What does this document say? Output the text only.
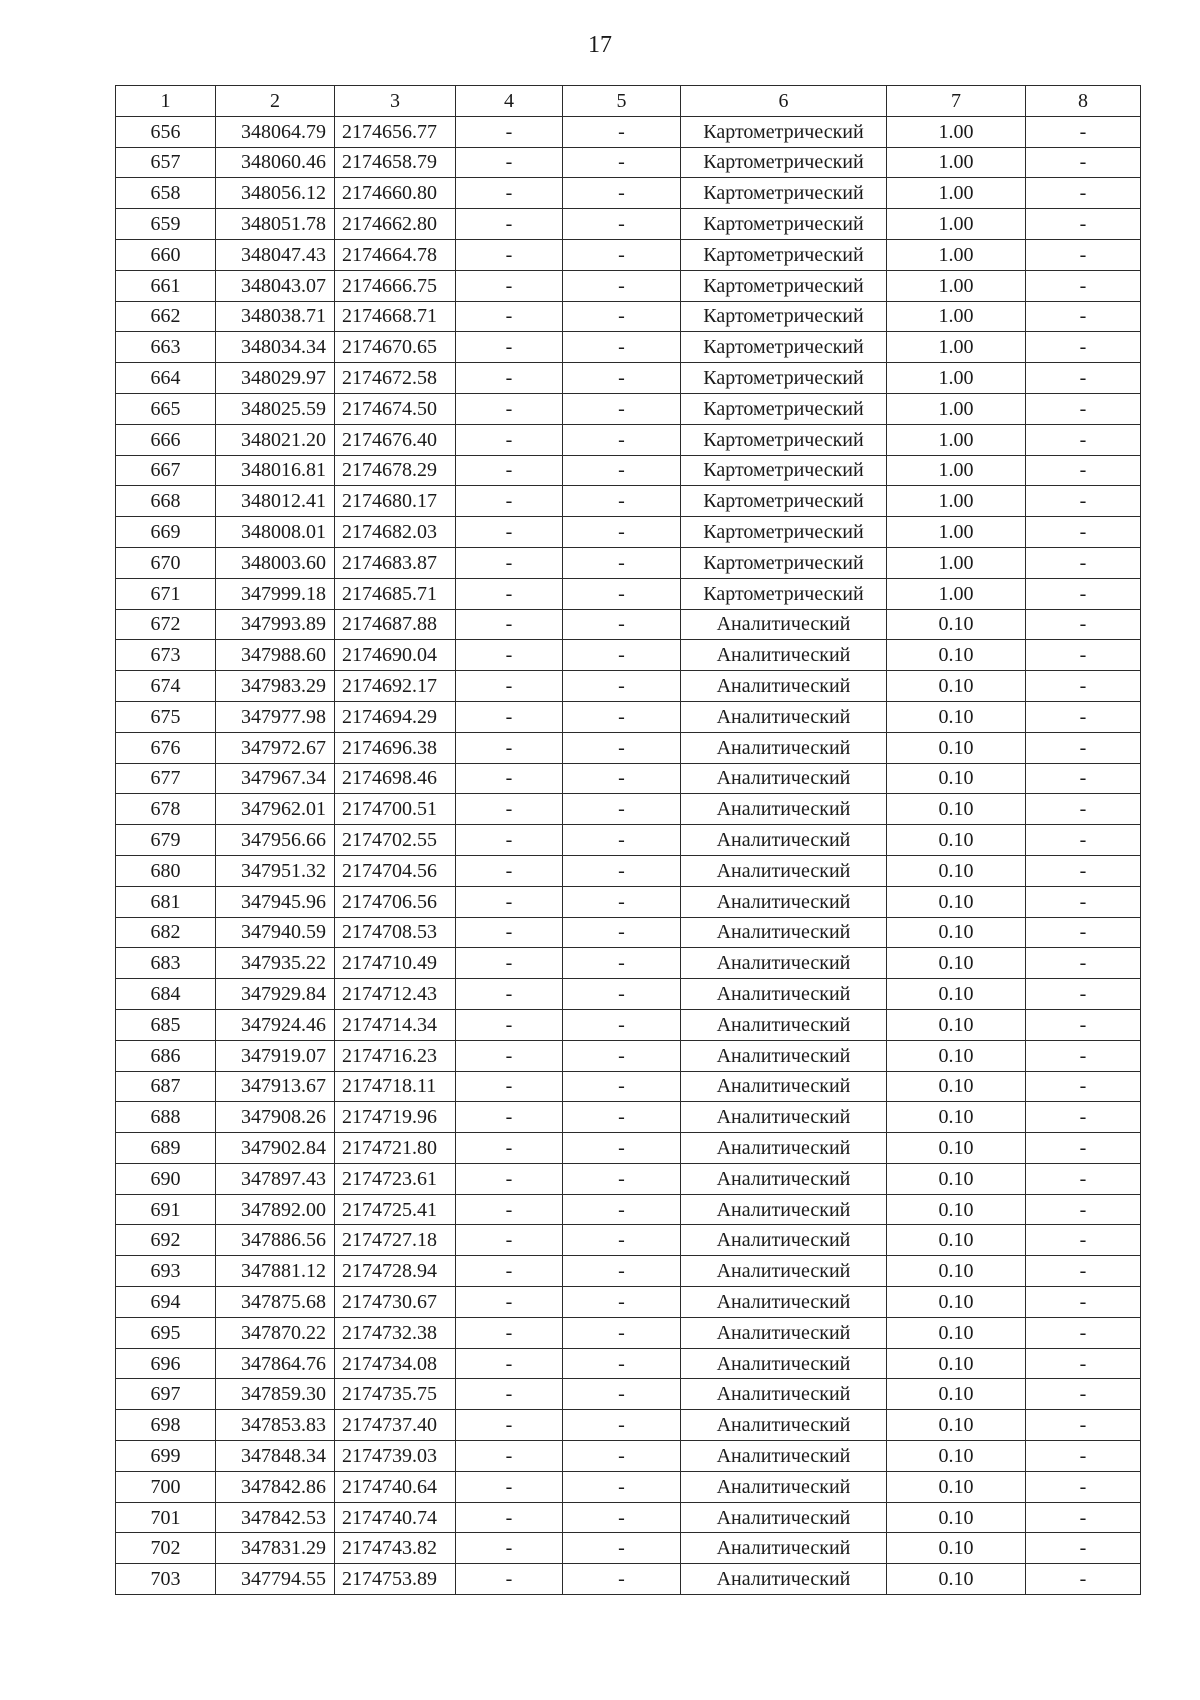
17
1	2	3	4	5	6	7	8
656	348064.79	2174656.77	-	-	Картометрический	1.00	-
657	348060.46	2174658.79	-	-	Картометрический	1.00	-
658	348056.12	2174660.80	-	-	Картометрический	1.00	-
659	348051.78	2174662.80	-	-	Картометрический	1.00	-
660	348047.43	2174664.78	-	-	Картометрический	1.00	-
661	348043.07	2174666.75	-	-	Картометрический	1.00	-
662	348038.71	2174668.71	-	-	Картометрический	1.00	-
663	348034.34	2174670.65	-	-	Картометрический	1.00	-
664	348029.97	2174672.58	-	-	Картометрический	1.00	-
665	348025.59	2174674.50	-	-	Картометрический	1.00	-
666	348021.20	2174676.40	-	-	Картометрический	1.00	-
667	348016.81	2174678.29	-	-	Картометрический	1.00	-
668	348012.41	2174680.17	-	-	Картометрический	1.00	-
669	348008.01	2174682.03	-	-	Картометрический	1.00	-
670	348003.60	2174683.87	-	-	Картометрический	1.00	-
671	347999.18	2174685.71	-	-	Картометрический	1.00	-
672	347993.89	2174687.88	-	-	Аналитический	0.10	-
673	347988.60	2174690.04	-	-	Аналитический	0.10	-
674	347983.29	2174692.17	-	-	Аналитический	0.10	-
675	347977.98	2174694.29	-	-	Аналитический	0.10	-
676	347972.67	2174696.38	-	-	Аналитический	0.10	-
677	347967.34	2174698.46	-	-	Аналитический	0.10	-
678	347962.01	2174700.51	-	-	Аналитический	0.10	-
679	347956.66	2174702.55	-	-	Аналитический	0.10	-
680	347951.32	2174704.56	-	-	Аналитический	0.10	-
681	347945.96	2174706.56	-	-	Аналитический	0.10	-
682	347940.59	2174708.53	-	-	Аналитический	0.10	-
683	347935.22	2174710.49	-	-	Аналитический	0.10	-
684	347929.84	2174712.43	-	-	Аналитический	0.10	-
685	347924.46	2174714.34	-	-	Аналитический	0.10	-
686	347919.07	2174716.23	-	-	Аналитический	0.10	-
687	347913.67	2174718.11	-	-	Аналитический	0.10	-
688	347908.26	2174719.96	-	-	Аналитический	0.10	-
689	347902.84	2174721.80	-	-	Аналитический	0.10	-
690	347897.43	2174723.61	-	-	Аналитический	0.10	-
691	347892.00	2174725.41	-	-	Аналитический	0.10	-
692	347886.56	2174727.18	-	-	Аналитический	0.10	-
693	347881.12	2174728.94	-	-	Аналитический	0.10	-
694	347875.68	2174730.67	-	-	Аналитический	0.10	-
695	347870.22	2174732.38	-	-	Аналитический	0.10	-
696	347864.76	2174734.08	-	-	Аналитический	0.10	-
697	347859.30	2174735.75	-	-	Аналитический	0.10	-
698	347853.83	2174737.40	-	-	Аналитический	0.10	-
699	347848.34	2174739.03	-	-	Аналитический	0.10	-
700	347842.86	2174740.64	-	-	Аналитический	0.10	-
701	347842.53	2174740.74	-	-	Аналитический	0.10	-
702	347831.29	2174743.82	-	-	Аналитический	0.10	-
703	347794.55	2174753.89	-	-	Аналитический	0.10	-
